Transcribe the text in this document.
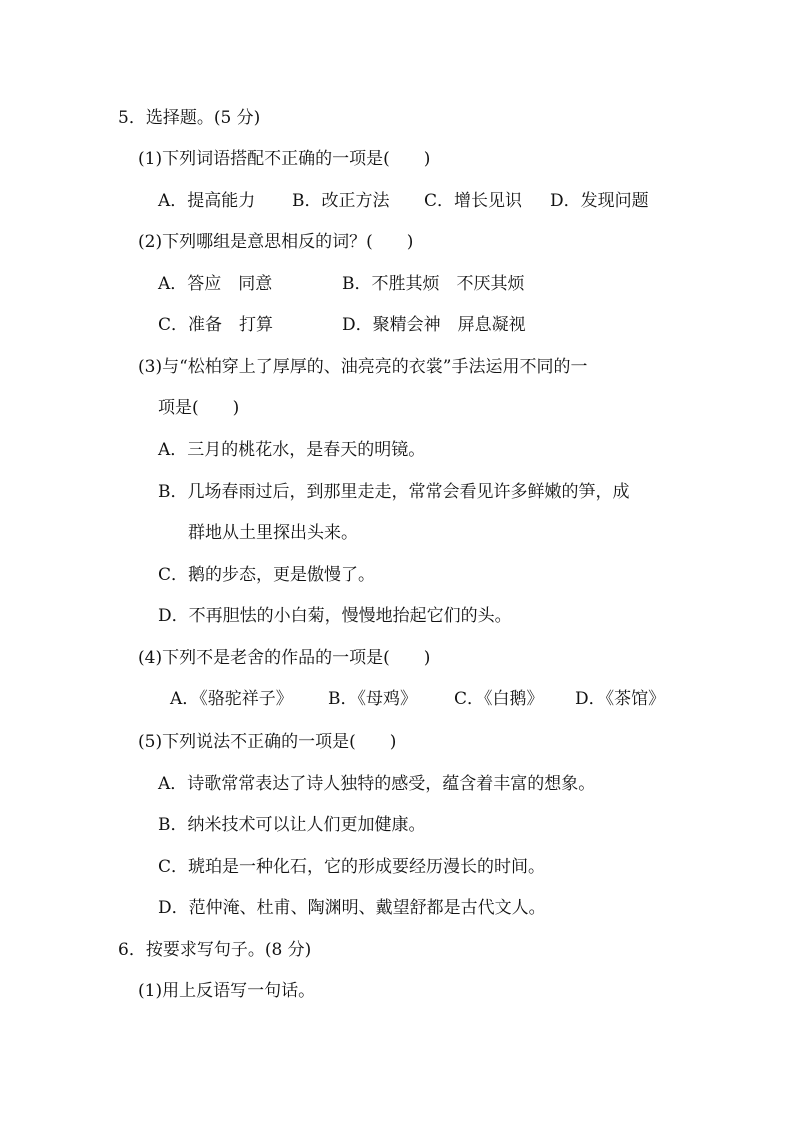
5．选择题。(5 分)
(1)下列词语搭配不正确的一项是(　　)
A．提高能力 B．改正方法 C．增长见识 D．发现问题
(2)下列哪组是意思相反的词？(　　)
A．答应　同意	B．不胜其烦　不厌其烦
C．准备　打算	D．聚精会神　屏息凝视
(3)与“松柏穿上了厚厚的、油亮亮的衣裳”手法运用不同的一
项是(　　)
A．三月的桃花水，是春天的明镜。
B．几场春雨过后，到那里走走，常常会看见许多鲜嫩的笋，成
群地从土里探出头来。
C．鹅的步态，更是傲慢了。
D．不再胆怯的小白菊，慢慢地抬起它们的头。
(4)下列不是老舍的作品的一项是(　　)
A．《骆驼祥子》 B．《母鸡》 C．《白鹅》 D．《茶馆》
(5)下列说法不正确的一项是(　　)
A．诗歌常常表达了诗人独特的感受，蕴含着丰富的想象。
B．纳米技术可以让人们更加健康。
C．琥珀是一种化石，它的形成要经历漫长的时间。
D．范仲淹、杜甫、陶渊明、戴望舒都是古代文人。
6．按要求写句子。(8 分)
(1)用上反语写一句话。
